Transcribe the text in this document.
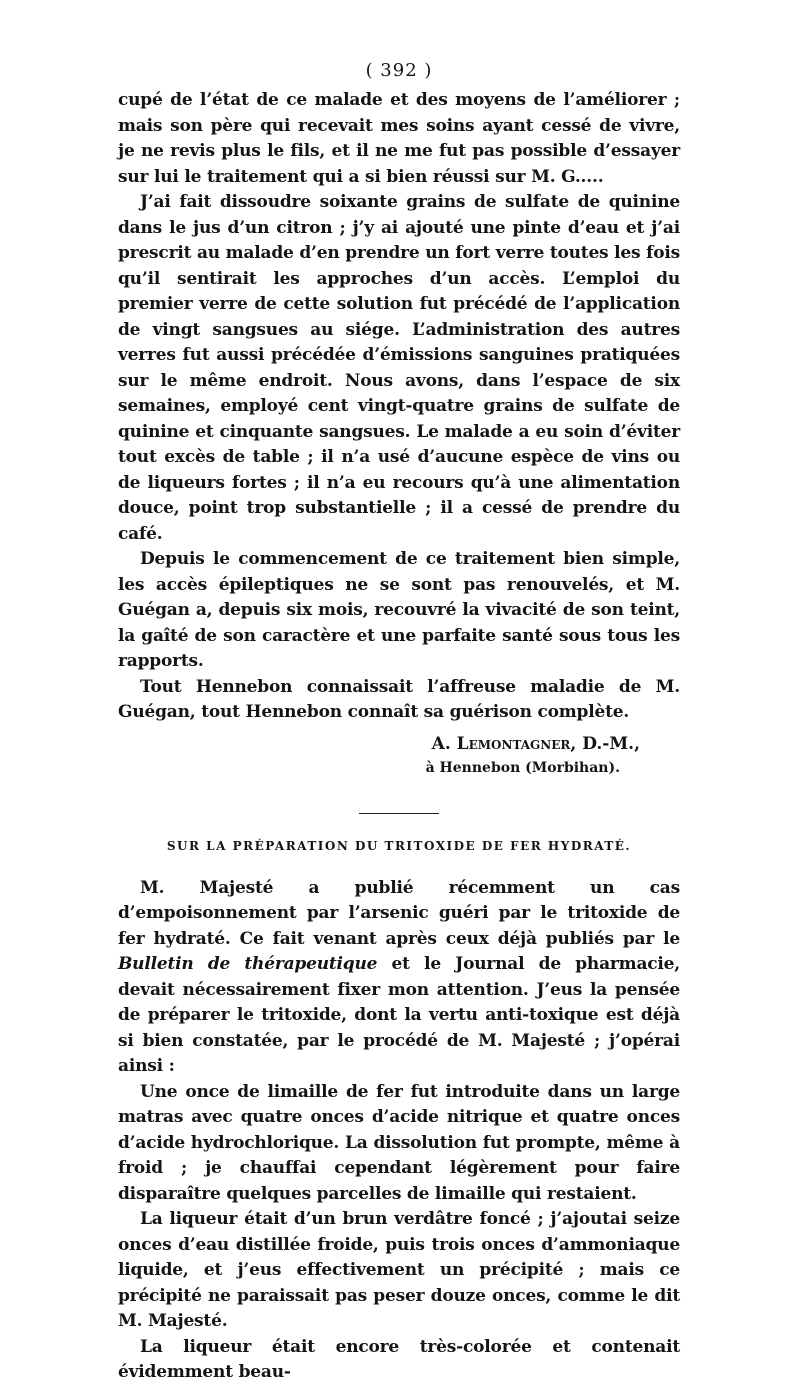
( 392 )

cupé de l’état de ce malade et des moyens de l’améliorer ; mais son père qui recevait mes soins ayant cessé de vivre, je ne revis plus le fils, et il ne me fut pas possible d’essayer sur lui le traitement qui a si bien réussi sur M. G.....

J’ai fait dissoudre soixante grains de sulfate de quinine dans le jus d’un citron ; j’y ai ajouté une pinte d’eau et j’ai prescrit au malade d’en prendre un fort verre toutes les fois qu’il sentirait les approches d’un accès. L’emploi du premier verre de cette solution fut précédé de l’application de vingt sangsues au siége. L’administration des autres verres fut aussi précédée d’émissions sanguines pratiquées sur le même endroit. Nous avons, dans l’espace de six semaines, employé cent vingt-quatre grains de sulfate de quinine et cinquante sangsues. Le malade a eu soin d’éviter tout excès de table ; il n’a usé d’aucune espèce de vins ou de liqueurs fortes ; il n’a eu recours qu’à une alimentation douce, point trop substantielle ; il a cessé de prendre du café.

Depuis le commencement de ce traitement bien simple, les accès épileptiques ne se sont pas renouvelés, et M. Guégan a, depuis six mois, recouvré la vivacité de son teint, la gaîté de son caractère et une parfaite santé sous tous les rapports.

Tout Hennebon connaissait l’affreuse maladie de M. Guégan, tout Hennebon connaît sa guérison complète.

A. Lemontagner, D.-M.,
à Hennebon (Morbihan).
SUR LA PRÉPARATION DU TRITOXIDE DE FER HYDRATÉ.

M. Majesté a publié récemment un cas d’empoisonnement par l’arsenic guéri par le tritoxide de fer hydraté. Ce fait venant après ceux déjà publiés par le Bulletin de thérapeutique et le Journal de pharmacie, devait nécessairement fixer mon attention. J’eus la pensée de préparer le tritoxide, dont la vertu anti-toxique est déjà si bien constatée, par le procédé de M. Majesté ; j’opérai ainsi :

Une once de limaille de fer fut introduite dans un large matras avec quatre onces d’acide nitrique et quatre onces d’acide hydrochlorique. La dissolution fut prompte, même à froid ; je chauffai cependant légèrement pour faire disparaître quelques parcelles de limaille qui restaient.

La liqueur était d’un brun verdâtre foncé ; j’ajoutai seize onces d’eau distillée froide, puis trois onces d’ammoniaque liquide, et j’eus effectivement un précipité ; mais ce précipité ne paraissait pas peser douze onces, comme le dit M. Majesté.

La liqueur était encore très-colorée et contenait évidemment beau-
